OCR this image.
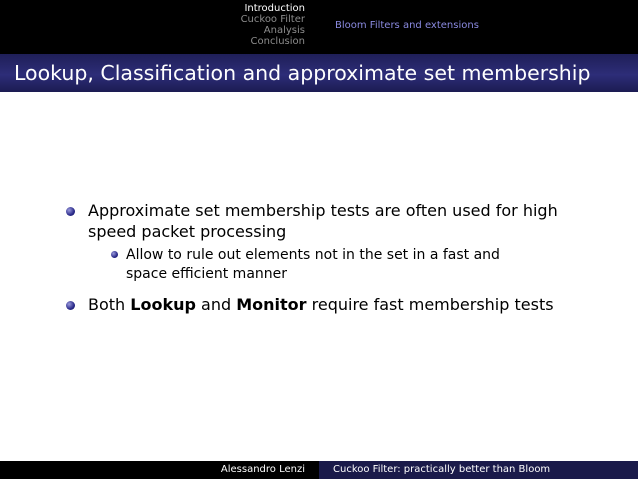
Introduction
Cuckoo Filter
Analysis
Conclusion
Bloom Filters and extensions
Lookup, Classification and approximate set membership
Approximate set membership tests are often used for high speed packet processing
Allow to rule out elements not in the set in a fast and space efficient manner
Both Lookup and Monitor require fast membership tests
Alessandro Lenzi	Cuckoo Filter: practically better than Bloom
